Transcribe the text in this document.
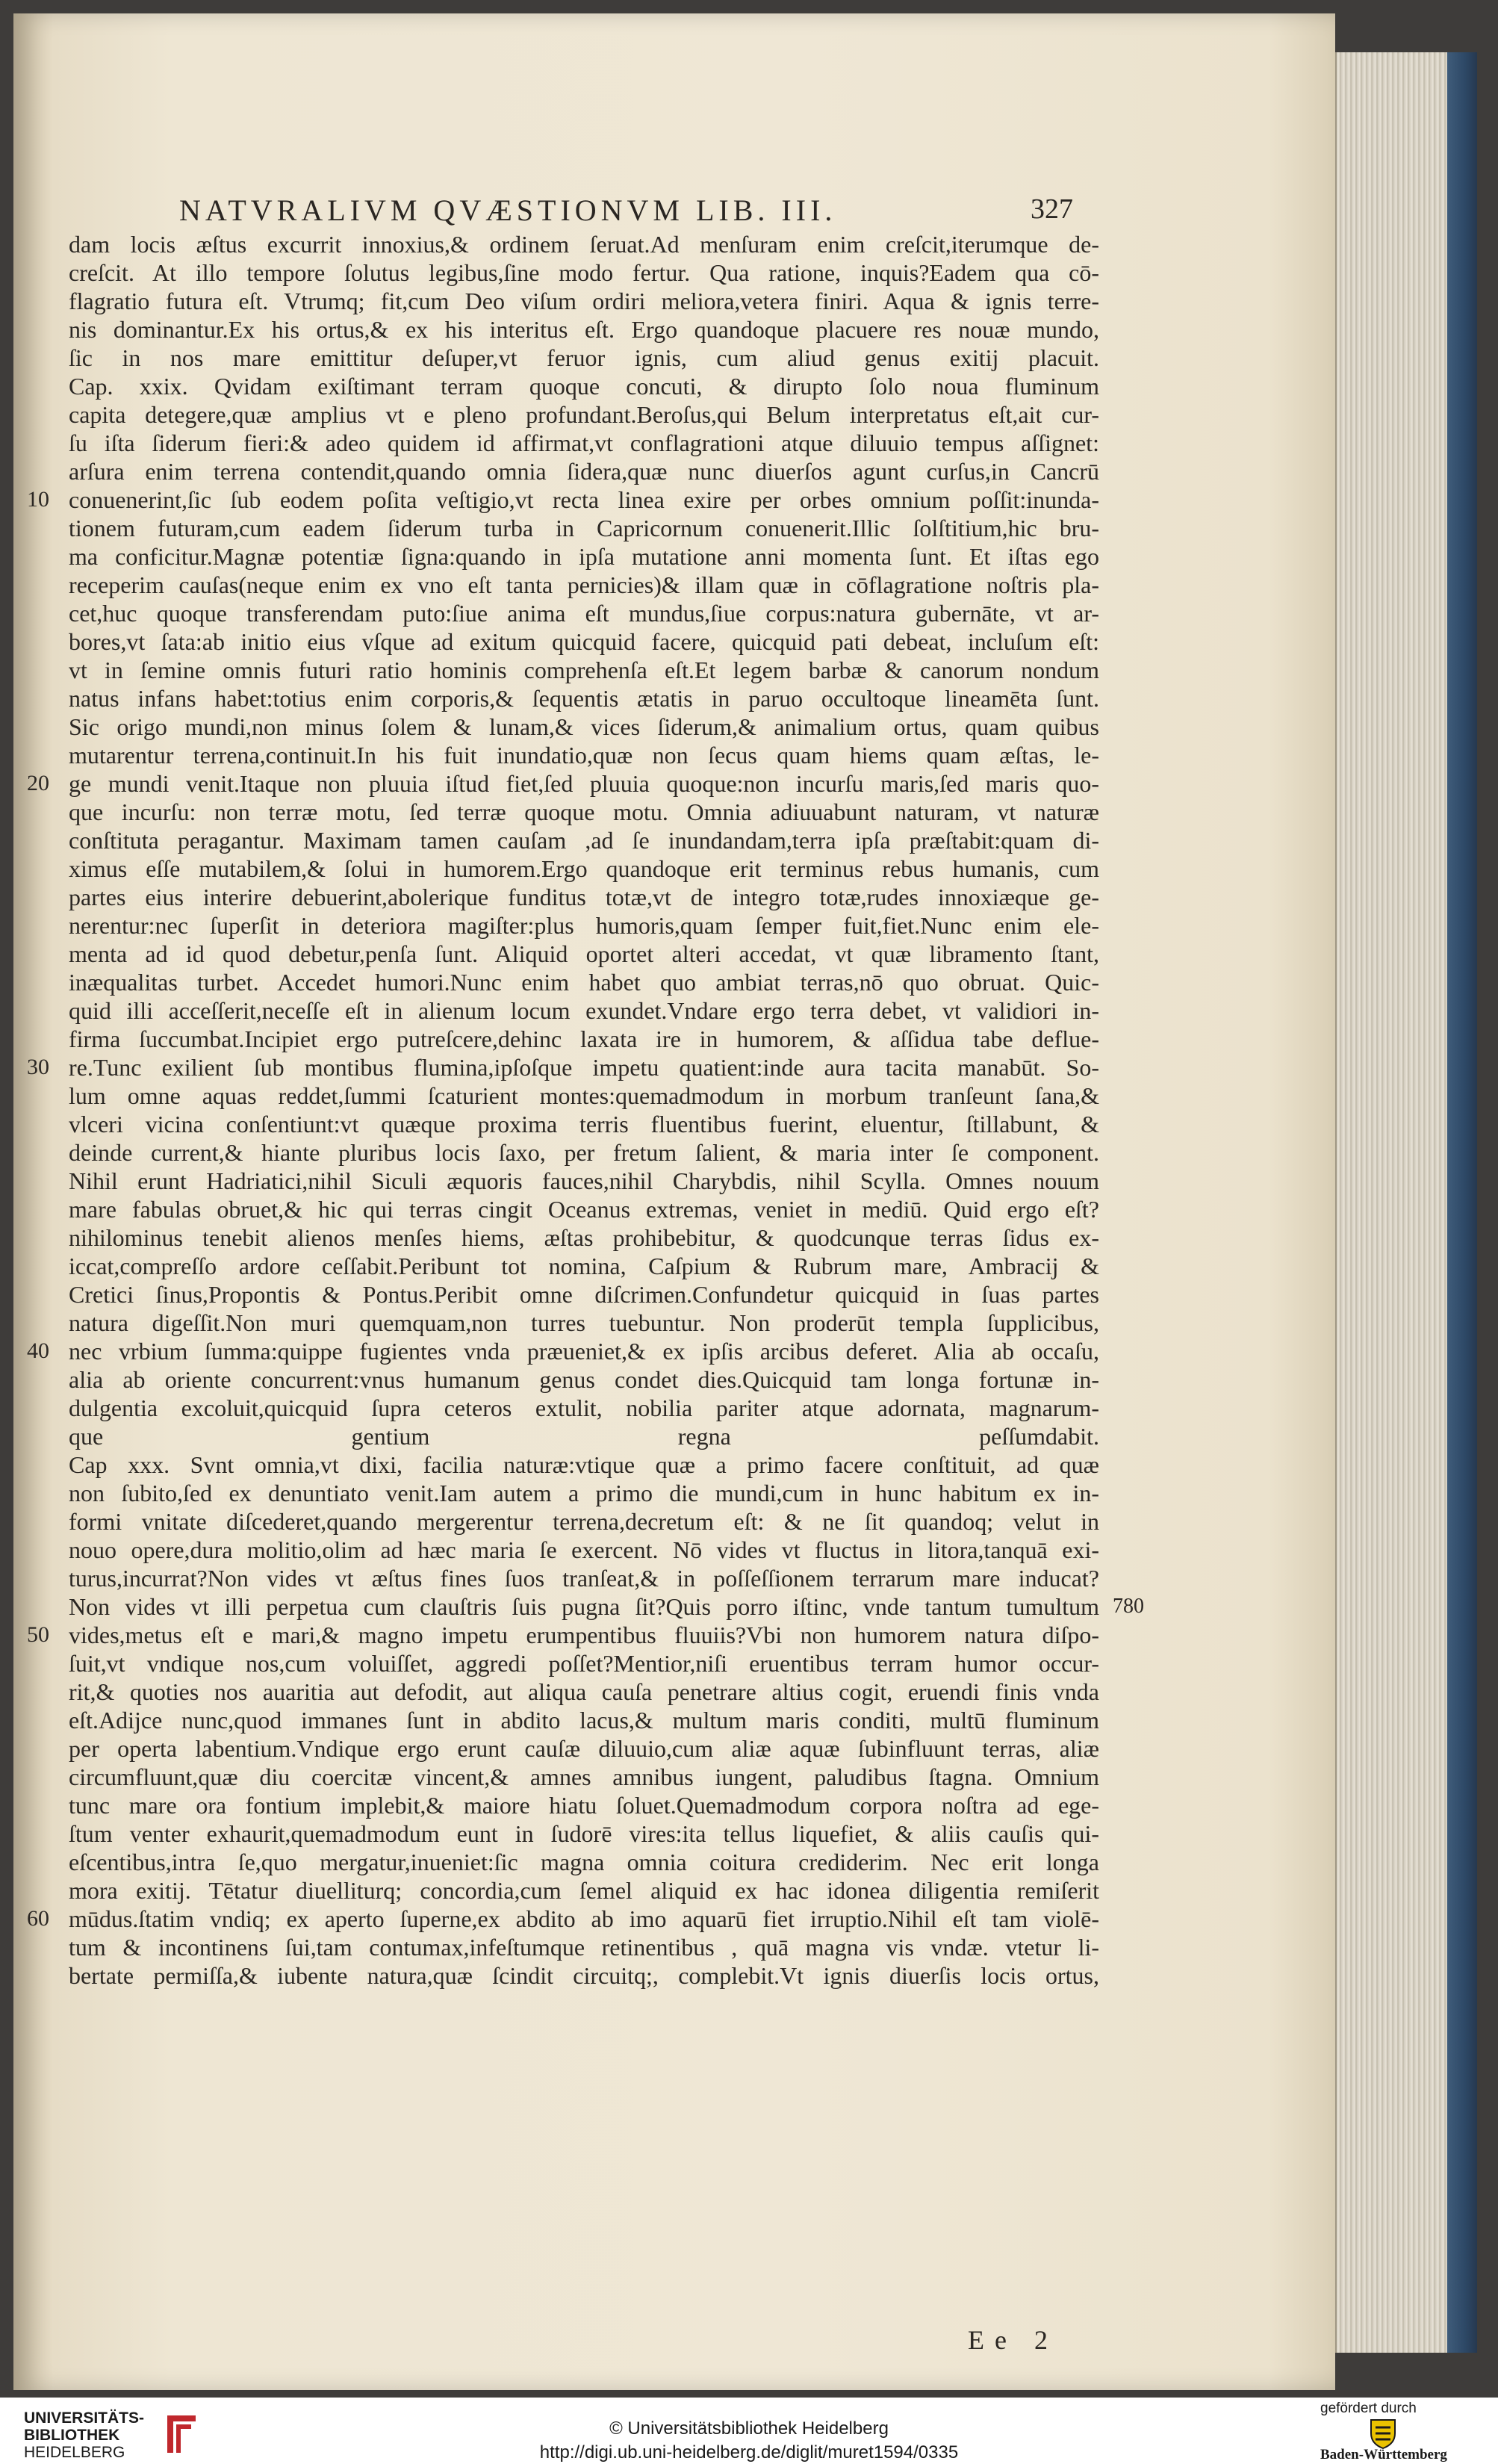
NATVRALIVM QVÆSTIONVM LIB. III.	327
dam locis æſtus excurrit innoxius,& ordinem ſeruat.Ad menſuram enim creſcit,iterumque de-
creſcit. At illo tempore ſolutus legibus,ſine modo fertur. Qua ratione, inquis?Eadem qua cō-
flagratio futura eſt. Vtrumq; fit,cum Deo viſum ordiri meliora,vetera finiri. Aqua & ignis terre-
nis dominantur.Ex his ortus,& ex his interitus eſt. Ergo quandoque placuere res nouæ mundo,
ſic in nos mare emittitur deſuper,vt feruor ignis, cum aliud genus exitij placuit.
Cap. xxix. Qvidam exiſtimant terram quoque concuti, & dirupto ſolo noua fluminum
capita detegere,quæ amplius vt e pleno profundant.Beroſus,qui Belum interpretatus eſt,ait cur-
ſu iſta ſiderum fieri:& adeo quidem id affirmat,vt conflagrationi atque diluuio tempus aſſignet:
arſura enim terrena contendit,quando omnia ſidera,quæ nunc diuerſos agunt curſus,in Cancrū
conuenerint,ſic ſub eodem poſita veſtigio,vt recta linea exire per orbes omnium poſſit:inunda-
10
tionem futuram,cum eadem ſiderum turba in Capricornum conuenerit.Illic ſolſtitium,hic bru-
ma conficitur.Magnæ potentiæ ſigna:quando in ipſa mutatione anni momenta ſunt. Et iſtas ego
receperim cauſas(neque enim ex vno eſt tanta pernicies)& illam quæ in cōflagratione noſtris pla-
cet,huc quoque transferendam puto:ſiue anima eſt mundus,ſiue corpus:natura gubernāte, vt ar-
bores,vt ſata:ab initio eius vſque ad exitum quicquid facere, quicquid pati debeat, incluſum eſt:
vt in ſemine omnis futuri ratio hominis comprehenſa eſt.Et legem barbæ & canorum nondum
natus infans habet:totius enim corporis,& ſequentis ætatis in paruo occultoque lineamēta ſunt.
Sic origo mundi,non minus ſolem & lunam,& vices ſiderum,& animalium ortus, quam quibus
mutarentur terrena,continuit.In his fuit inundatio,quæ non ſecus quam hiems quam æſtas, le-
ge mundi venit.Itaque non pluuia iſtud fiet,ſed pluuia quoque:non incurſu maris,ſed maris quo-
20
que incurſu: non terræ motu, ſed terræ quoque motu. Omnia adiuuabunt naturam, vt naturæ
conſtituta peragantur. Maximam tamen cauſam ,ad ſe inundandam,terra ipſa præſtabit:quam di-
ximus eſſe mutabilem,& ſolui in humorem.Ergo quandoque erit terminus rebus humanis, cum
partes eius interire debuerint,abolerique funditus totæ,vt de integro totæ,rudes innoxiæque ge-
nerentur:nec ſuperſit in deteriora magiſter:plus humoris,quam ſemper fuit,fiet.Nunc enim ele-
menta ad id quod debetur,penſa ſunt. Aliquid oportet alteri accedat, vt quæ libramento ſtant,
inæqualitas turbet. Accedet humori.Nunc enim habet quo ambiat terras,nō quo obruat. Quic-
quid illi acceſſerit,neceſſe eſt in alienum locum exundet.Vndare ergo terra debet, vt validiori in-
firma ſuccumbat.Incipiet ergo putreſcere,dehinc laxata ire in humorem, & aſſidua tabe deflue-
re.Tunc exilient ſub montibus flumina,ipſoſque impetu quatient:inde aura tacita manabūt. So-
30
lum omne aquas reddet,ſummi ſcaturient montes:quemadmodum in morbum tranſeunt ſana,&
vlceri vicina conſentiunt:vt quæque proxima terris fluentibus fuerint, eluentur, ſtillabunt, &
deinde current,& hiante pluribus locis ſaxo, per fretum ſalient, & maria inter ſe component.
Nihil erunt Hadriatici,nihil Siculi æquoris fauces,nihil Charybdis, nihil Scylla. Omnes nouum
mare fabulas obruet,& hic qui terras cingit Oceanus extremas, veniet in mediū. Quid ergo eſt?
nihilominus tenebit alienos menſes hiems, æſtas prohibebitur, & quodcunque terras ſidus ex-
iccat,compreſſo ardore ceſſabit.Peribunt tot nomina, Caſpium & Rubrum mare, Ambracij &
Cretici ſinus,Propontis & Pontus.Peribit omne diſcrimen.Confundetur quicquid in ſuas partes
natura digeſſit.Non muri quemquam,non turres tuebuntur. Non proderūt templa ſupplicibus,
nec vrbium ſumma:quippe fugientes vnda præueniet,& ex ipſis arcibus deferet. Alia ab occaſu,
40
alia ab oriente concurrent:vnus humanum genus condet dies.Quicquid tam longa fortunæ in-
dulgentia excoluit,quicquid ſupra ceteros extulit, nobilia pariter atque adornata, magnarum-
que gentium regna peſſumdabit.
Cap xxx. Svnt omnia,vt dixi, facilia naturæ:vtique quæ a primo facere conſtituit, ad quæ
non ſubito,ſed ex denuntiato venit.Iam autem a primo die mundi,cum in hunc habitum ex in-
formi vnitate diſcederet,quando mergerentur terrena,decretum eſt: & ne ſit quandoq; velut in
nouo opere,dura molitio,olim ad hæc maria ſe exercent. Nō vides vt fluctus in litora,tanquā exi-
turus,incurrat?Non vides vt æſtus fines ſuos tranſeat,& in poſſeſſionem terrarum mare inducat?
Non vides vt illi perpetua cum clauſtris ſuis pugna ſit?Quis porro iſtinc, vnde tantum tumultum 780
vides,metus eſt e mari,& magno impetu erumpentibus fluuiis?Vbi non humorem natura diſpo-
50
ſuit,vt vndique nos,cum voluiſſet, aggredi poſſet?Mentior,niſi eruentibus terram humor occur-
rit,& quoties nos auaritia aut defodit, aut aliqua cauſa penetrare altius cogit, eruendi finis vnda
eſt.Adijce nunc,quod immanes ſunt in abdito lacus,& multum maris conditi, multū fluminum
per operta labentium.Vndique ergo erunt cauſæ diluuio,cum aliæ aquæ ſubinfluunt terras, aliæ
circumfluunt,quæ diu coercitæ vincent,& amnes amnibus iungent, paludibus ſtagna. Omnium
tunc mare ora fontium implebit,& maiore hiatu ſoluet.Quemadmodum corpora noſtra ad ege-
ſtum venter exhaurit,quemadmodum eunt in ſudorē vires:ita tellus liquefiet, & aliis cauſis qui-
eſcentibus,intra ſe,quo mergatur,inueniet:ſic magna omnia coitura crediderim. Nec erit longa
mora exitij. Tētatur diuelliturq; concordia,cum ſemel aliquid ex hac idonea diligentia remiſerit
mūdus.ſtatim vndiq; ex aperto ſuperne,ex abdito ab imo aquarū fiet irruptio.Nihil eſt tam violē-
60
tum & incontinens ſui,tam contumax,infeſtumque retinentibus , quā magna vis vndæ. vtetur li-
bertate permiſſa,& iubente natura,quæ ſcindit circuitq;, complebit.Vt ignis diuerſis locis ortus,
Ee 2
UNIVERSITÄTS-
BIBLIOTHEK
HEIDELBERG
© Universitätsbibliothek Heidelberg
http://digi.ub.uni-heidelberg.de/diglit/muret1594/0335
gefördert durch
Baden-Württemberg
